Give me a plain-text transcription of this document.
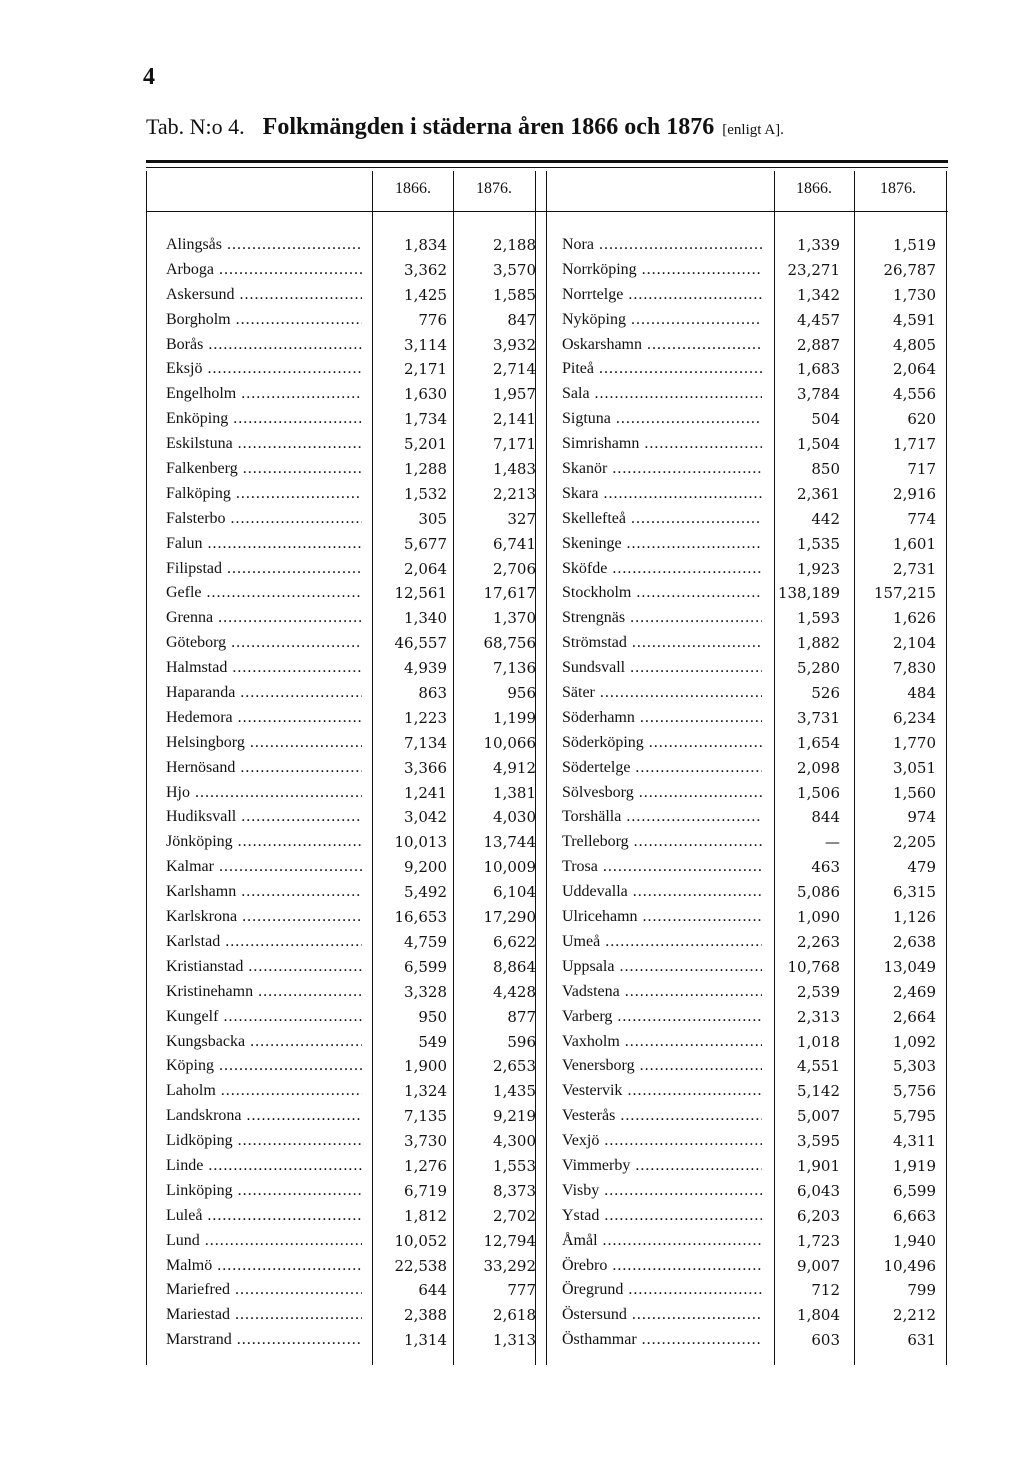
4
Tab. N:o 4. Folkmängden i städerna åren 1866 och 1876 [enligt A].
1866.	1876.	1866.	1876.
Alingsås .....	1,834	2,188
Arboga .....	3,362	3,570
Askersund .....	1,425	1,585
Borgholm .....	776	847
Borås .....	3,114	3,932
Eksjö .....	2,171	2,714
Engelholm .....	1,630	1,957
Enköping .....	1,734	2,141
Eskilstuna .....	5,201	7,171
Falkenberg .....	1,288	1,483
Falköping .....	1,532	2,213
Falsterbo .....	305	327
Falun .....	5,677	6,741
Filipstad .....	2,064	2,706
Gefle .....	12,561 17,617
Grenna .....	1,340	1,370
Göteborg .....	46,557 68,756
Halmstad .....	4,939	7,136
Haparanda .....	863	956
Hedemora .....	1,223	1,199
Helsingborg .....	7,134 10,066
Hernösand .....	3,366	4,912
Hjo .....	1,241	1,381
Hudiksvall .....	3,042	4,030
Jönköping .....	10,013 13,744
Kalmar .....	9,200 10,009
Karlshamn .....	5,492	6,104
Karlskrona .....	16,653 17,290
Karlstad .....	4,759	6,622
Kristianstad .....	6,599	8,864
Kristinehamn .....	3,328	4,428
Kungelf .....	950	877
Kungsbacka .....	549	596
Köping .....	1,900	2,653
Laholm .....	1,324	1,435
Landskrona .....	7,135	9,219
Lidköping .....	3,730	4,300
Linde .....	1,276	1,553
Linköping .....	6,719	8,373
Luleå .....	1,812	2,702
Lund .....	10,052 12,794
Malmö .....	22,538 33,292
Mariefred .....	644	777
Mariestad .....	2,388	2,618
Marstrand .....	1,314	1,313
Nora .....	1,339	1,519
Norrköping .....	23,271	26,787
Norrtelge .....	1,342	1,730
Nyköping .....	4,457	4,591
Oskarshamn .....	2,887	4,805
Piteå .....	1,683	2,064
Sala .....	3,784	4,556
Sigtuna .....	504	620
Simrishamn .....	1,504	1,717
Skanör .....	850	717
Skara .....	2,361	2,916
Skellefteå .....	442	774
Skeninge .....	1,535	1,601
Sköfde .....	1,923	2,731
Stockholm .....	138,189 157,215
Strengnäs .....	1,593	1,626
Strömstad .....	1,882	2,104
Sundsvall .....	5,280	7,830
Säter .....	526	484
Söderhamn .....	3,731	6,234
Söderköping .....	1,654	1,770
Södertelge .....	2,098	3,051
Sölvesborg .....	1,506	1,560
Torshälla .....	844	974
Trelleborg .....	—	2,205
Trosa .....	463	479
Uddevalla .....	5,086	6,315
Ulricehamn .....	1,090	1,126
Umeå .....	2,263	2,638
Uppsala .....	10,768	13,049
Vadstena .....	2,539	2,469
Varberg .....	2,313	2,664
Vaxholm .....	1,018	1,092
Venersborg .....	4,551	5,303
Vestervik .....	5,142	5,756
Vesterås .....	5,007	5,795
Vexjö .....	3,595	4,311
Vimmerby .....	1,901	1,919
Visby .....	6,043	6,599
Ystad .....	6,203	6,663
Åmål .....	1,723	1,940
Örebro .....	9,007	10,496
Öregrund .....	712	799
Östersund .....	1,804	2,212
Östhammar .....	603	631
